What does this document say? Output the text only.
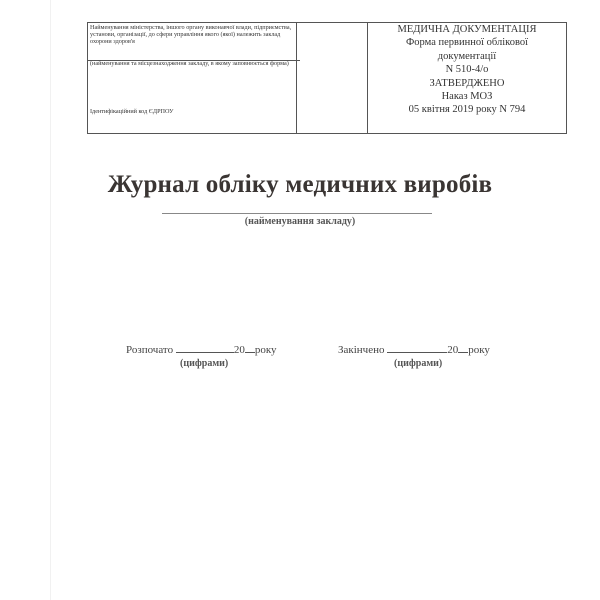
Найменування міністерства, іншого органу виконавчої влади, підприємства, установи, організації, до сфери управління якого (якої) належить заклад охорони здоров'я
(найменування та місцезнаходження закладу, в якому заповнюється форма)
Ідентифікаційний код ЄДРПОУ

МЕДИЧНА ДОКУМЕНТАЦІЯ
Форма первинної облікової
документації
N 510-4/о
ЗАТВЕРДЖЕНО
Наказ МОЗ
05 квітня 2019 року N 794
Журнал обліку медичних виробів
(найменування закладу)
Розпочато	20 року
(цифрами)
Закінчено	20 року
(цифрами)
